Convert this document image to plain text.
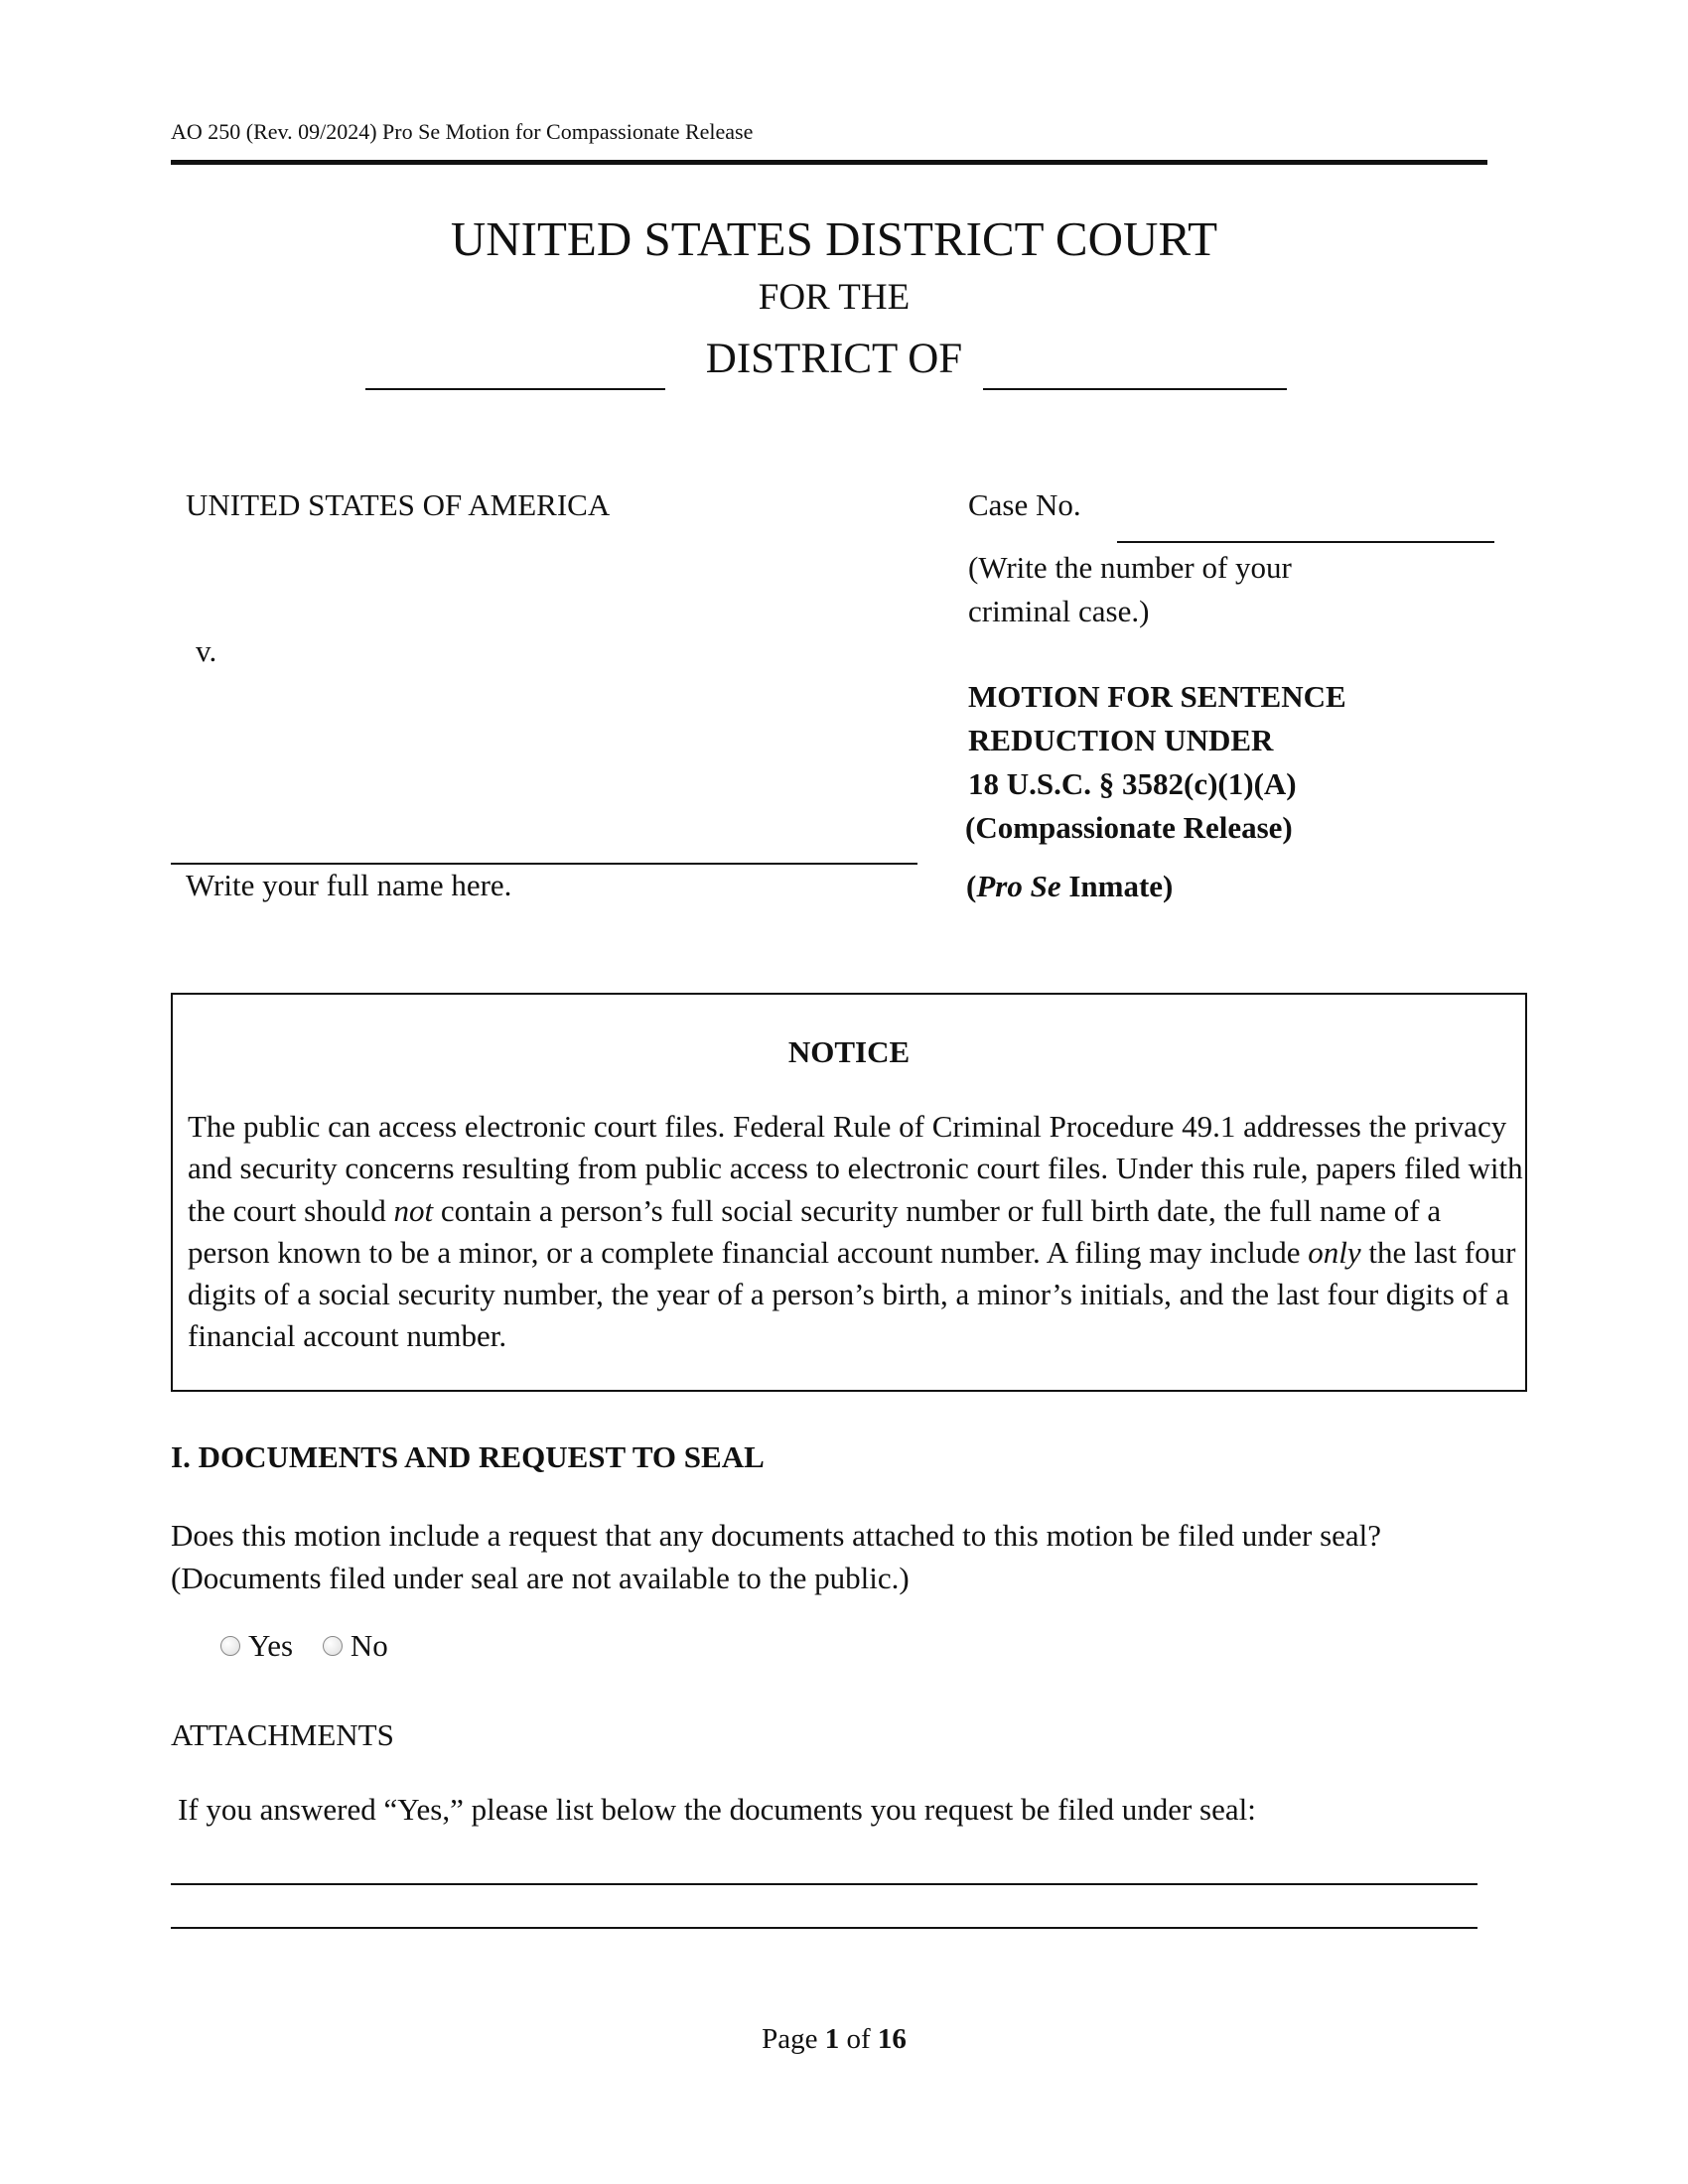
AO 250 (Rev. 09/2024) Pro Se Motion for Compassionate Release
UNITED STATES DISTRICT COURT
FOR THE
DISTRICT OF
UNITED STATES OF AMERICA
v.
Write your full name here.
Case No.
(Write the number of your criminal case.)
MOTION FOR SENTENCE
REDUCTION UNDER
18 U.S.C. § 3582(c)(1)(A)
(Compassionate Release)
(Pro Se Inmate)
NOTICE
The public can access electronic court files. Federal Rule of Criminal Procedure 49.1 addresses the privacy and security concerns resulting from public access to electronic court files. Under this rule, papers filed with the court should not contain a person’s full social security number or full birth date, the full name of a person known to be a minor, or a complete financial account number. A filing may include only the last four digits of a social security number, the year of a person’s birth, a minor’s initials, and the last four digits of a financial account number.
I. DOCUMENTS AND REQUEST TO SEAL
Does this motion include a request that any documents attached to this motion be filed under seal? (Documents filed under seal are not available to the public.)
Yes
No
ATTACHMENTS
If you answered “Yes,” please list below the documents you request be filed under seal:
Page 1 of 16
